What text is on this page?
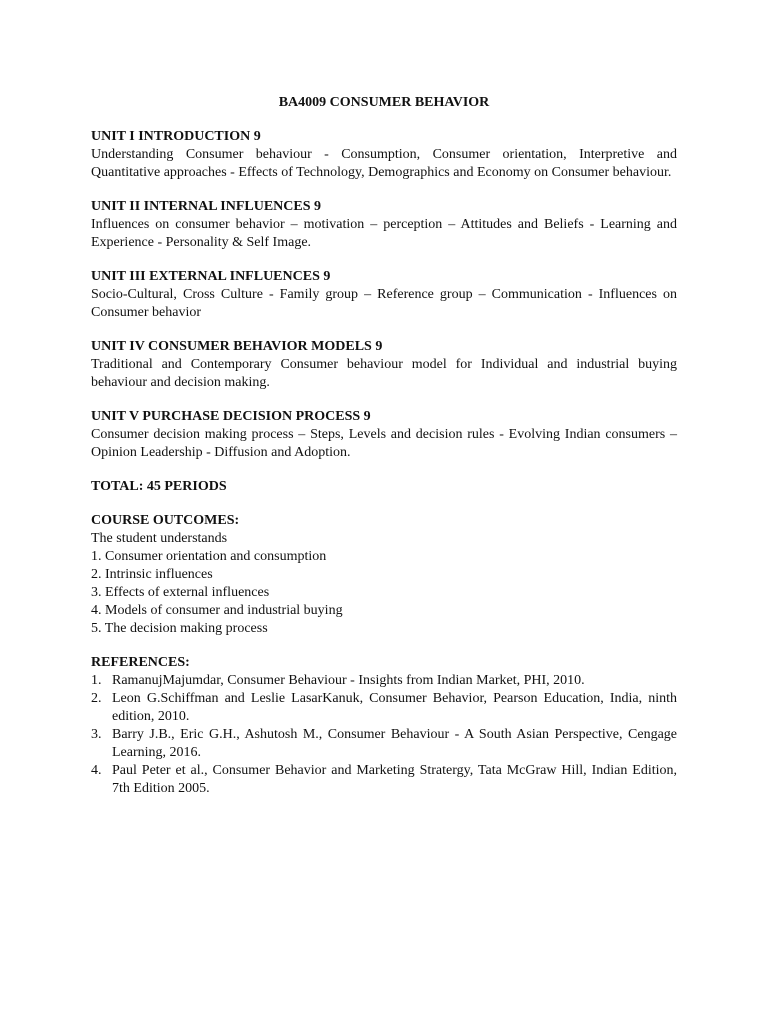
BA4009 CONSUMER BEHAVIOR

UNIT I INTRODUCTION 9

Understanding Consumer behaviour - Consumption, Consumer orientation, Interpretive and Quantitative approaches - Effects of Technology, Demographics and Economy on Consumer behaviour.

UNIT II INTERNAL INFLUENCES 9

Influences on consumer behavior – motivation – perception – Attitudes and Beliefs - Learning and Experience - Personality & Self Image.

UNIT III EXTERNAL INFLUENCES 9

Socio-Cultural, Cross Culture - Family group – Reference group – Communication - Influences on Consumer behavior

UNIT IV CONSUMER BEHAVIOR MODELS 9

Traditional and Contemporary Consumer behaviour model for Individual and industrial buying behaviour and decision making.

UNIT V PURCHASE DECISION PROCESS 9

Consumer decision making process – Steps, Levels and decision rules - Evolving Indian consumers – Opinion Leadership - Diffusion and Adoption.

TOTAL: 45 PERIODS

COURSE OUTCOMES:

The student understands

1. Consumer orientation and consumption

2. Intrinsic influences

3. Effects of external influences

4. Models of consumer and industrial buying

5. The decision making process

REFERENCES:

1. RamanujMajumdar, Consumer Behaviour - Insights from Indian Market, PHI, 2010.
2. Leon G.Schiffman and Leslie LasarKanuk, Consumer Behavior, Pearson Education, India, ninth edition, 2010.
3. Barry J.B., Eric G.H., Ashutosh M., Consumer Behaviour - A South Asian Perspective, Cengage Learning, 2016.
4. Paul Peter et al., Consumer Behavior and Marketing Stratergy, Tata McGraw Hill, Indian Edition, 7th Edition 2005.
